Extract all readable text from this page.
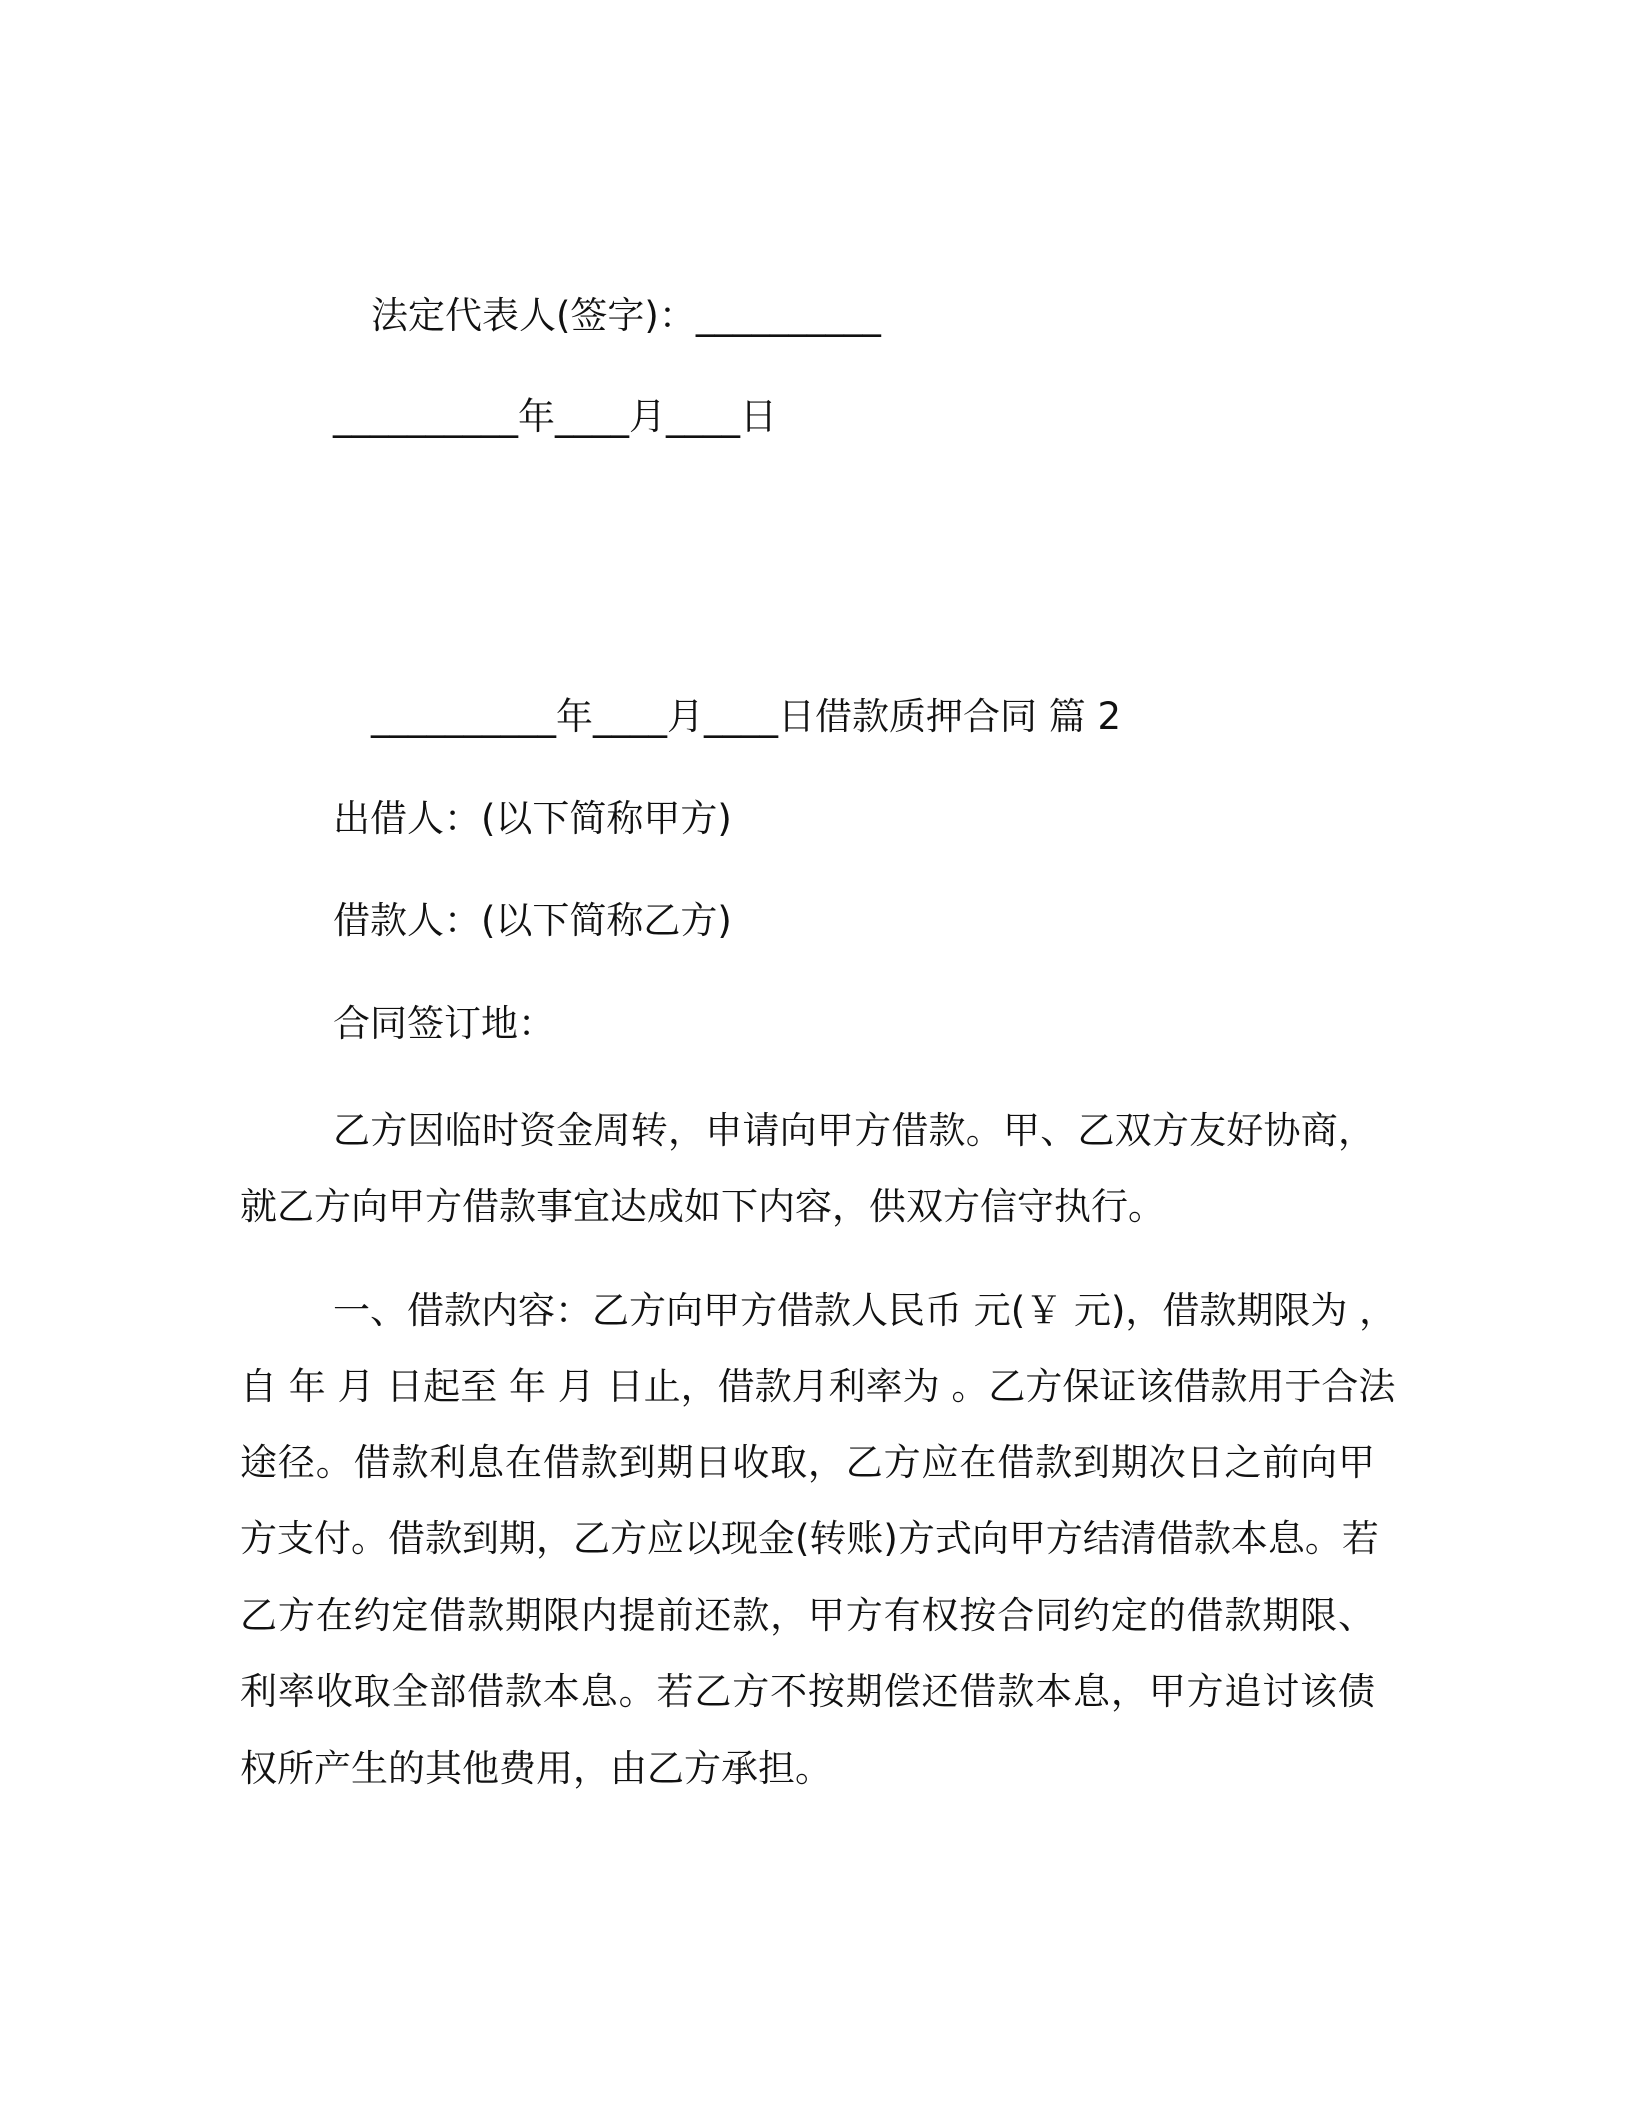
法定代表人(签字)：__________
__________年____月____日
__________年____月____日借款质押合同 篇 2
出借人：(以下简称甲方)
借款人：(以下简称乙方)
合同签订地：
乙方因临时资金周转，申请向甲方借款。甲、乙双方友好协商，
就乙方向甲方借款事宜达成如下内容，供双方信守执行。
一、借款内容：乙方向甲方借款人民币 元(￥ 元)，借款期限为 ，
自 年 月 日起至 年 月 日止，借款月利率为 。乙方保证该借款用于合法
途径。借款利息在借款到期日收取，乙方应在借款到期次日之前向甲
方支付。借款到期，乙方应以现金(转账)方式向甲方结清借款本息。若
乙方在约定借款期限内提前还款，甲方有权按合同约定的借款期限、
利率收取全部借款本息。若乙方不按期偿还借款本息，甲方追讨该债
权所产生的其他费用，由乙方承担。
